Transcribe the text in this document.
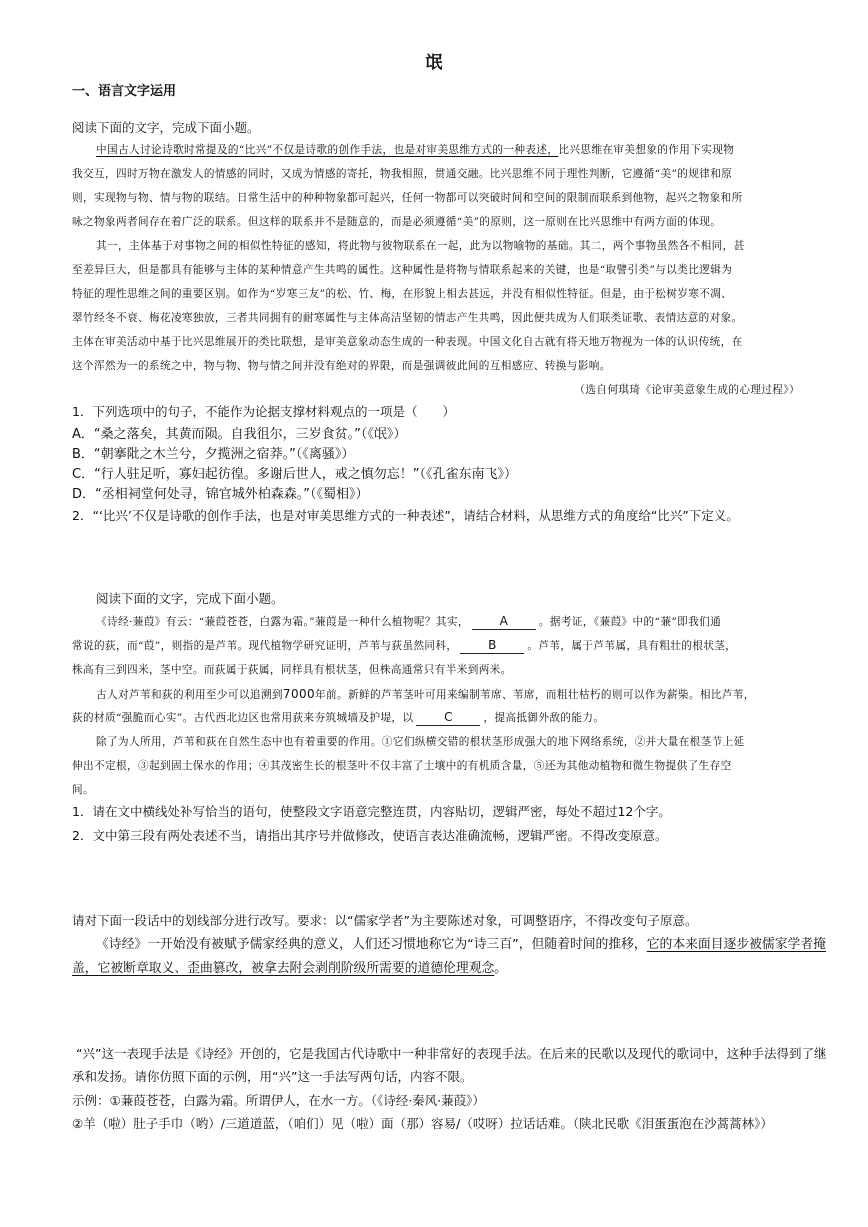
氓
一、语言文字运用
阅读下面的文字，完成下面小题。
中国古人讨论诗歌时常提及的“比兴”不仅是诗歌的创作手法，也是对审美思维方式的一种表述，比兴思维在审美想象的作用下实现物
我交互，四时万物在激发人的情感的同时，又成为情感的寄托，物我相照，贯通交融。比兴思维不同于理性判断，它遵循“美”的规律和原
则，实现物与物、情与物的联结。日常生活中的种种物象都可起兴，任何一物都可以突破时间和空间的限制而联系到他物，起兴之物象和所
咏之物象两者间存在着广泛的联系。但这样的联系并不是随意的，而是必须遵循“美”的原则，这一原则在比兴思维中有两方面的体现。
其一，主体基于对事物之间的相似性特征的感知，将此物与彼物联系在一起，此为以物喻物的基础。其二，两个事物虽然各不相同，甚
至差异巨大，但是都具有能够与主体的某种情意产生共鸣的属性。这种属性是将物与情联系起来的关键，也是“取譬引类”与以类比逻辑为
特征的理性思维之间的重要区别。如作为“岁寒三友”的松、竹、梅，在形貌上相去甚远，并没有相似性特征。但是，由于松树岁寒不凋、
翠竹经冬不衰、梅花凌寒独放，三者共同拥有的耐寒属性与主体高洁坚韧的情志产生共鸣，因此便共成为人们联类证歌、表情达意的对象。
主体在审美活动中基于比兴思维展开的类比联想，是审美意象动态生成的一种表现。中国文化自古就有将天地万物视为一体的认识传统，在
这个浑然为一的系统之中，物与物、物与情之间并没有绝对的界限，而是强调彼此间的互相感应、转换与影响。
（选自何琪琦《论审美意象生成的心理过程》）
1．下列选项中的句子，不能作为论据支撑材料观点的一项是（　　）
A．“桑之落矣，其黄而陨。自我徂尔，三岁食贫。”（《氓》）
B．“朝搴阰之木兰兮，夕揽洲之宿莽。”（《离骚》）
C．“行人驻足听，寡妇起彷徨。多谢后世人，戒之慎勿忘！”（《孔雀东南飞》）
D．“丞相祠堂何处寻，锦官城外柏森森。”（《蜀相》）
2．“‘比兴’不仅是诗歌的创作手法，也是对审美思维方式的一种表述”，请结合材料，从思维方式的角度给“比兴”下定义。
阅读下面的文字，完成下面小题。
《诗经·蒹葭》有云：“蒹葭苍苍，白露为霜。”蒹葭是一种什么植物呢？其实，	A	。据考证，《蒹葭》中的“蒹”即我们通
常说的荻，而“葭”，则指的是芦苇。现代植物学研究证明，芦苇与荻虽然同科，	B	。芦苇，属于芦苇属，具有粗壮的根状茎，
株高有三到四米，茎中空。而荻属于荻属，同样具有根状茎，但株高通常只有半米到两米。
古人对芦苇和荻的利用至少可以追溯到7000年前。新鲜的芦苇茎叶可用来编制苇席、苇席，而粗壮枯朽的则可以作为薪柴。相比芦苇，
荻的材质“强脆而心实”。古代西北边区也常用荻来夯筑城墙及护堤，以	C	，提高抵御外敌的能力。
除了为人所用，芦苇和荻在自然生态中也有着重要的作用。①它们纵横交错的根状茎形成强大的地下网络系统，②并大量在根茎节上延
伸出不定根，③起到固土保水的作用；④其茂密生长的根茎叶不仅丰富了土壤中的有机质含量，⑤还为其他动植物和微生物提供了生存空
间。
1．请在文中横线处补写恰当的语句，使整段文字语意完整连贯，内容贴切，逻辑严密，每处不超过12个字。
2．文中第三段有两处表述不当，请指出其序号并做修改，使语言表达准确流畅，逻辑严密。不得改变原意。
请对下面一段话中的划线部分进行改写。要求：以“儒家学者”为主要陈述对象，可调整语序，不得改变句子原意。
《诗经》一开始没有被赋予儒家经典的意义，人们还习惯地称它为“诗三百”，但随着时间的推移，它的本来面目逐步被儒家学者掩
盖，它被断章取义、歪曲篡改，被拿去附会剥削阶级所需要的道德伦理观念。
“兴”这一表现手法是《诗经》开创的，它是我国古代诗歌中一种非常好的表现手法。在后来的民歌以及现代的歌词中，这种手法得到了继
承和发扬。请你仿照下面的示例，用“兴”这一手法写两句话，内容不限。
示例：①蒹葭苍苍，白露为霜。所谓伊人，在水一方。（《诗经·秦风·蒹葭》）
②羊（啦）肚子手巾（哟）/三道道蓝，（咱们）见（啦）面（那）容易/（哎呀）拉话话难。（陕北民歌《泪蛋蛋泡在沙蒿蒿林》）
